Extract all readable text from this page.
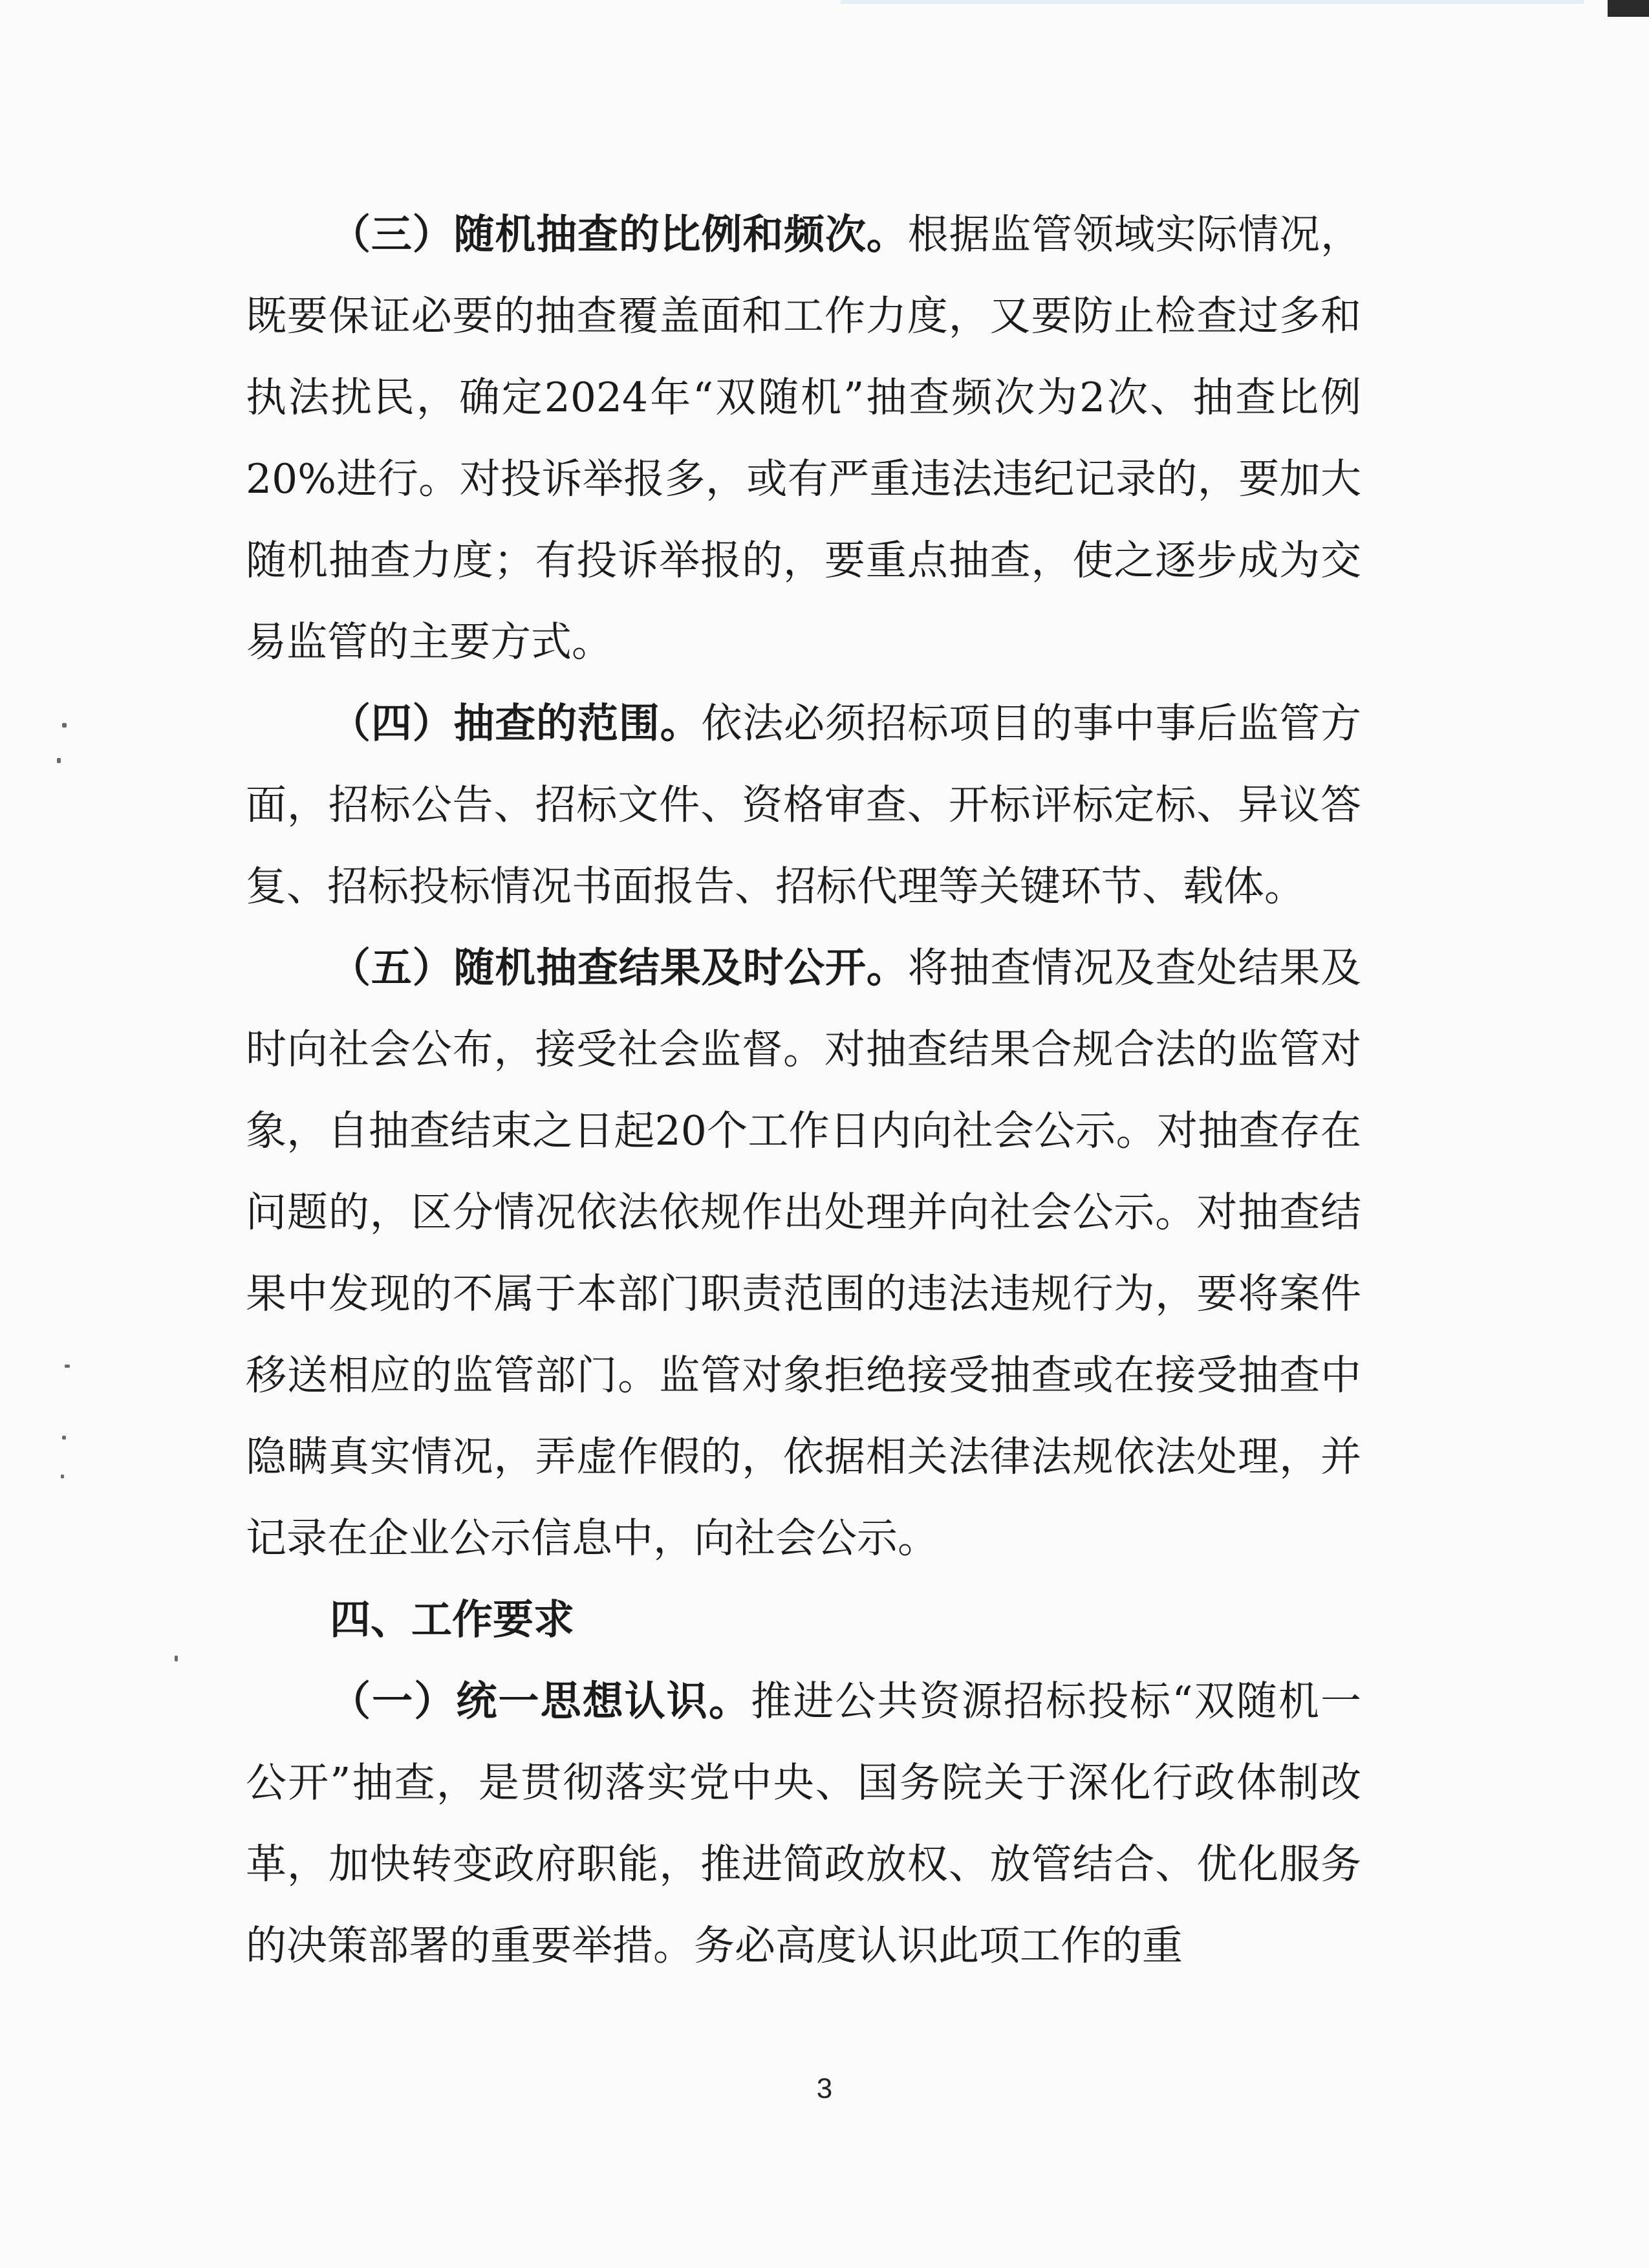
（三）随机抽查的比例和频次。根据监管领域实际情况，既要保证必要的抽查覆盖面和工作力度，又要防止检查过多和执法扰民，确定2024年“双随机”抽查频次为2次、抽查比例20%进行。对投诉举报多，或有严重违法违纪记录的，要加大随机抽查力度；有投诉举报的，要重点抽查，使之逐步成为交易监管的主要方式。

（四）抽查的范围。依法必须招标项目的事中事后监管方面，招标公告、招标文件、资格审查、开标评标定标、异议答复、招标投标情况书面报告、招标代理等关键环节、载体。

（五）随机抽查结果及时公开。将抽查情况及查处结果及时向社会公布，接受社会监督。对抽查结果合规合法的监管对象，自抽查结束之日起20个工作日内向社会公示。对抽查存在问题的，区分情况依法依规作出处理并向社会公示。对抽查结果中发现的不属于本部门职责范围的违法违规行为，要将案件移送相应的监管部门。监管对象拒绝接受抽查或在接受抽查中隐瞒真实情况，弄虚作假的，依据相关法律法规依法处理，并记录在企业公示信息中，向社会公示。

四、工作要求

（一）统一思想认识。推进公共资源招标投标“双随机一公开”抽查，是贯彻落实党中央、国务院关于深化行政体制改革，加快转变政府职能，推进简政放权、放管结合、优化服务的决策部署的重要举措。务必高度认识此项工作的重

3
